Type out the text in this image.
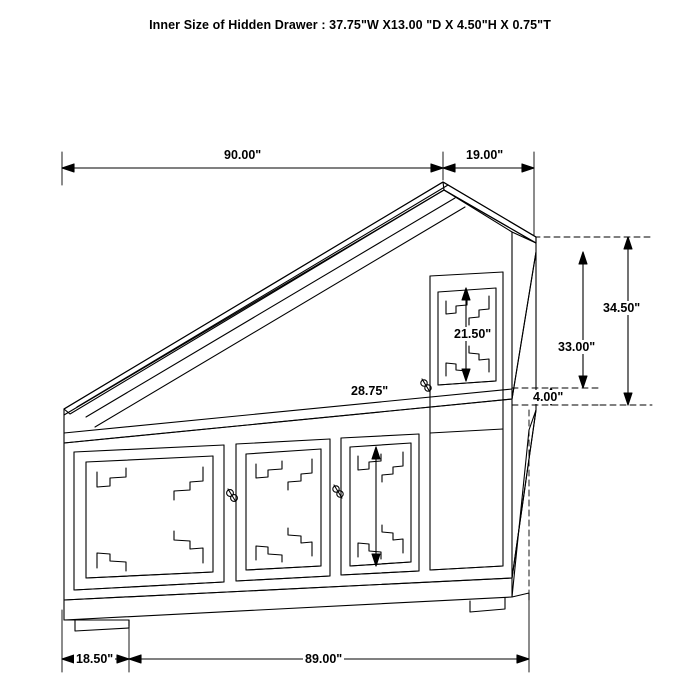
Inner Size of Hidden Drawer : 37.75"W X13.00 "D X 4.50"H X 0.75"T
90.00"	19.00"
34.50"
33.00"
21.50"
28.75"	4.00"
18.50"	89.00"
